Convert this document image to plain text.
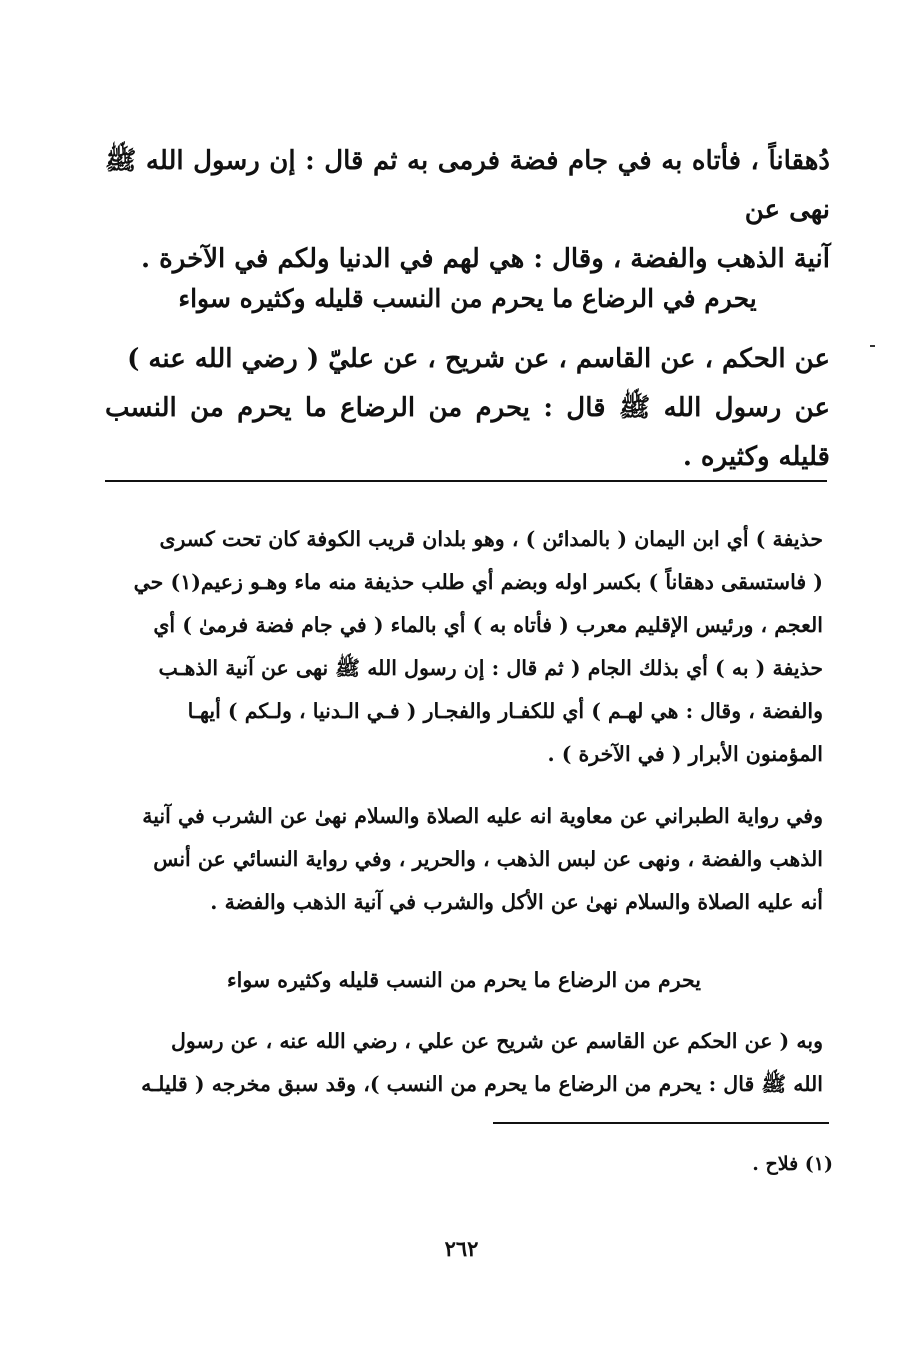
دُهقاناً ، فأتاه به في جام فضة فرمى به ثم قال : إن رسول الله ﷺ نهى عن
آنية الذهب والفضة ، وقال : هي لهم في الدنيا ولكم في الآخرة .
يحرم في الرضاع ما يحرم من النسب قليله وكثيره سواء
عن الحكم ، عن القاسم ، عن شريح ، عن عليّ ( رضي الله عنه )
عن رسول الله ﷺ قال : يحرم من الرضاع ما يحرم من النسب قليله وكثيره .
حذيفة ) أي ابن اليمان ( بالمدائن ) ، وهو بلدان قريب الكوفة كان تحت كسرى
( فاستسقى دهقاناً ) بكسر اوله وبضم أي طلب حذيفة منه ماء وهـو زعيم(١) حي
العجم ، ورئيس الإقليم معرب ( فأتاه به ) أي بالماء ( في جام فضة فرمىٰ ) أي
حذيفة ( به ) أي بذلك الجام ( ثم قال : إن رسول الله ﷺ نهى عن آنية الذهـب
والفضة ، وقال : هي لهـم ) أي للكفـار والفجـار ( فـي الـدنيا ، ولـكم ) أيهـا
المؤمنون الأبرار ( في الآخرة ) .
وفي رواية الطبراني عن معاوية انه عليه الصلاة والسلام نهىٰ عن الشرب في آنية
الذهب والفضة ، ونهى عن لبس الذهب ، والحرير ، وفي رواية النسائي عن أنس
أنه عليه الصلاة والسلام نهىٰ عن الأكل والشرب في آنية الذهب والفضة .
يحرم من الرضاع ما يحرم من النسب قليله وكثيره سواء
وبه ( عن الحكم عن القاسم عن شريح عن علي ، رضي الله عنه ، عن رسول
الله ﷺ قال : يحرم من الرضاع ما يحرم من النسب )، وقد سبق مخرجه ( قليلـه
(١) فلاح .
٢٦٢
